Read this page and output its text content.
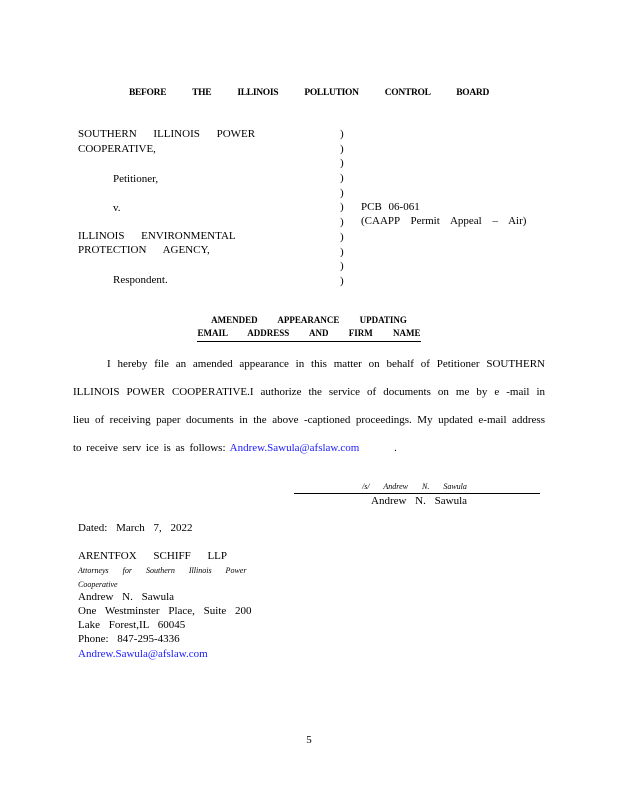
BEFORE THE ILLINOIS POLLUTION CONTROL BOARD
SOUTHERN ILLINOIS POWER
COOPERATIVE,
Petitioner,
v.
ILLINOIS ENVIRONMENTAL
PROTECTION AGENCY,
Respondent.
)
)
)
)
)
)
)
)
)
)
)
PCB 06-061
(CAAPP Permit Appeal – Air)
AMENDED APPEARANCE UPDATING
EMAIL ADDRESS AND FIRM NAME
I hereby file an amended appearance in this matter on behalf of Petitioner SOUTHERN
ILLINOIS POWER COOPERATIVE.I authorize the service of documents on me by e -mail in
lieu of receiving paper documents in the above -captioned proceedings. My updated e-mail address
to receive serv ice is as follows: Andrew.Sawula@afslaw.com	.
/s/ Andrew N. Sawula
Andrew N. Sawula
Dated: March 7, 2022
ARENTFOX SCHIFF LLP
Attorneys for Southern Illinois Power
Cooperative
Andrew N. Sawula
One Westminster Place, Suite 200
Lake Forest,IL 60045
Phone: 847-295-4336
Andrew.Sawula@afslaw.com
5
